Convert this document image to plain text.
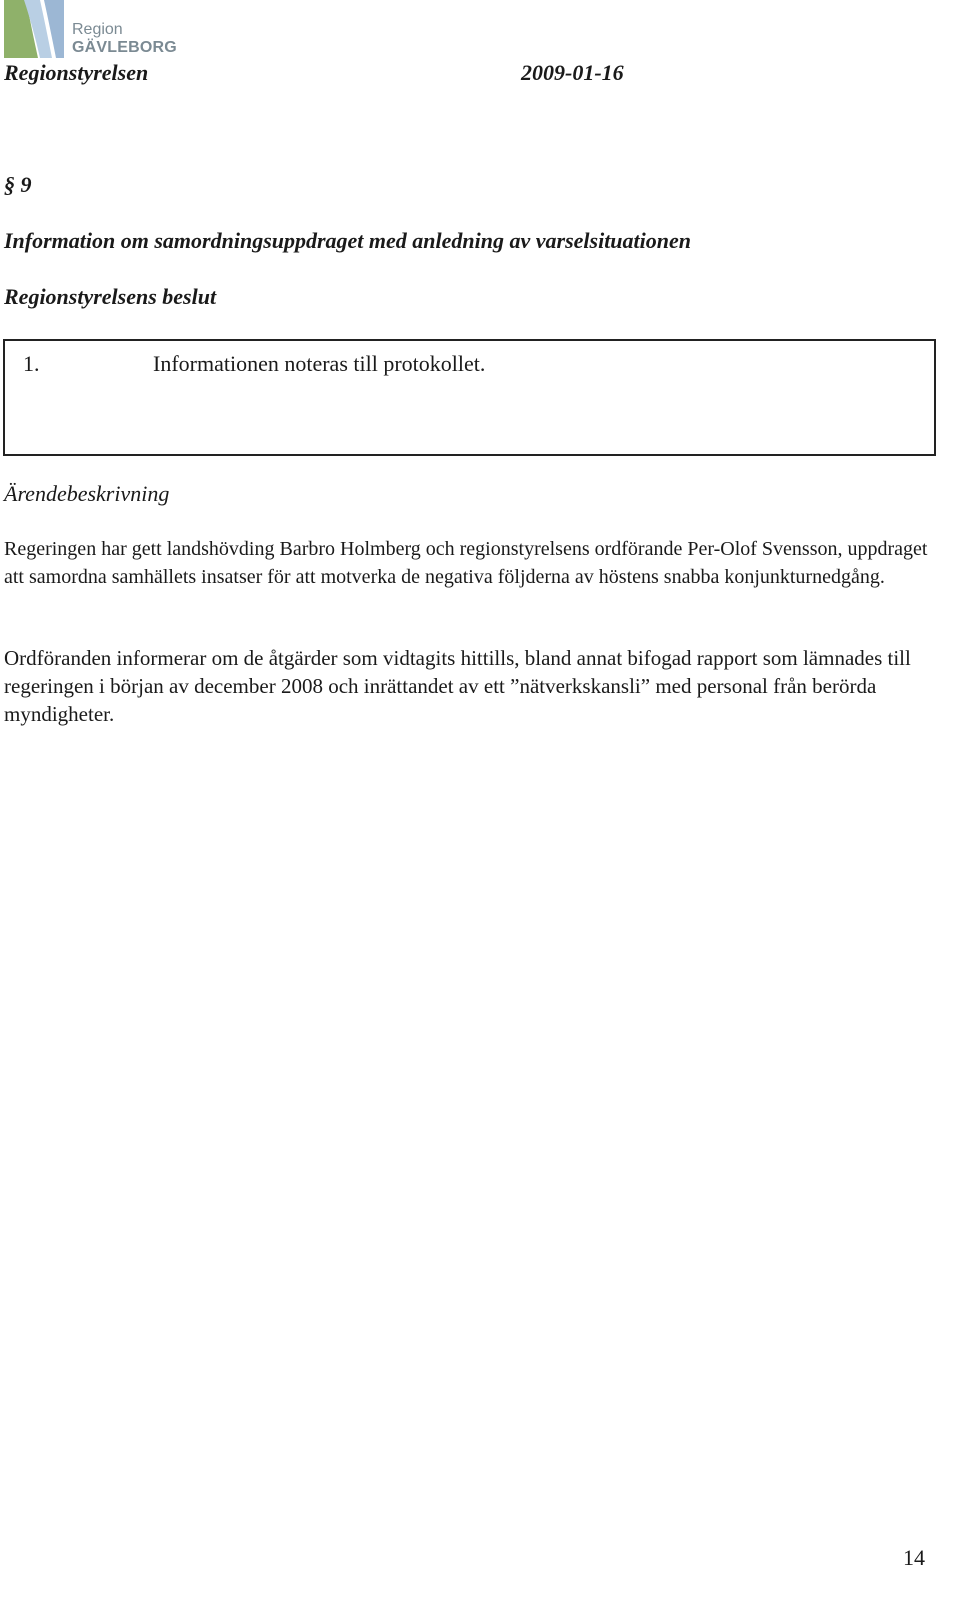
Region
GÄVLEBORG
Regionstyrelsen	2009-01-16
§ 9
Information om samordningsuppdraget med anledning av varselsituationen
Regionstyrelsens beslut
1.	Informationen noteras till protokollet.
Ärendebeskrivning

Regeringen har gett landshövding Barbro Holmberg och regionstyrelsens ordförande Per-Olof Svensson, uppdraget att samordna samhällets insatser för att motverka de negativa följderna av höstens snabba konjunkturnedgång.

Ordföranden informerar om de åtgärder som vidtagits hittills, bland annat bifogad rapport som lämnades till regeringen i början av december 2008 och inrättandet av ett ”nätverkskansli” med personal från berörda myndigheter.

14
